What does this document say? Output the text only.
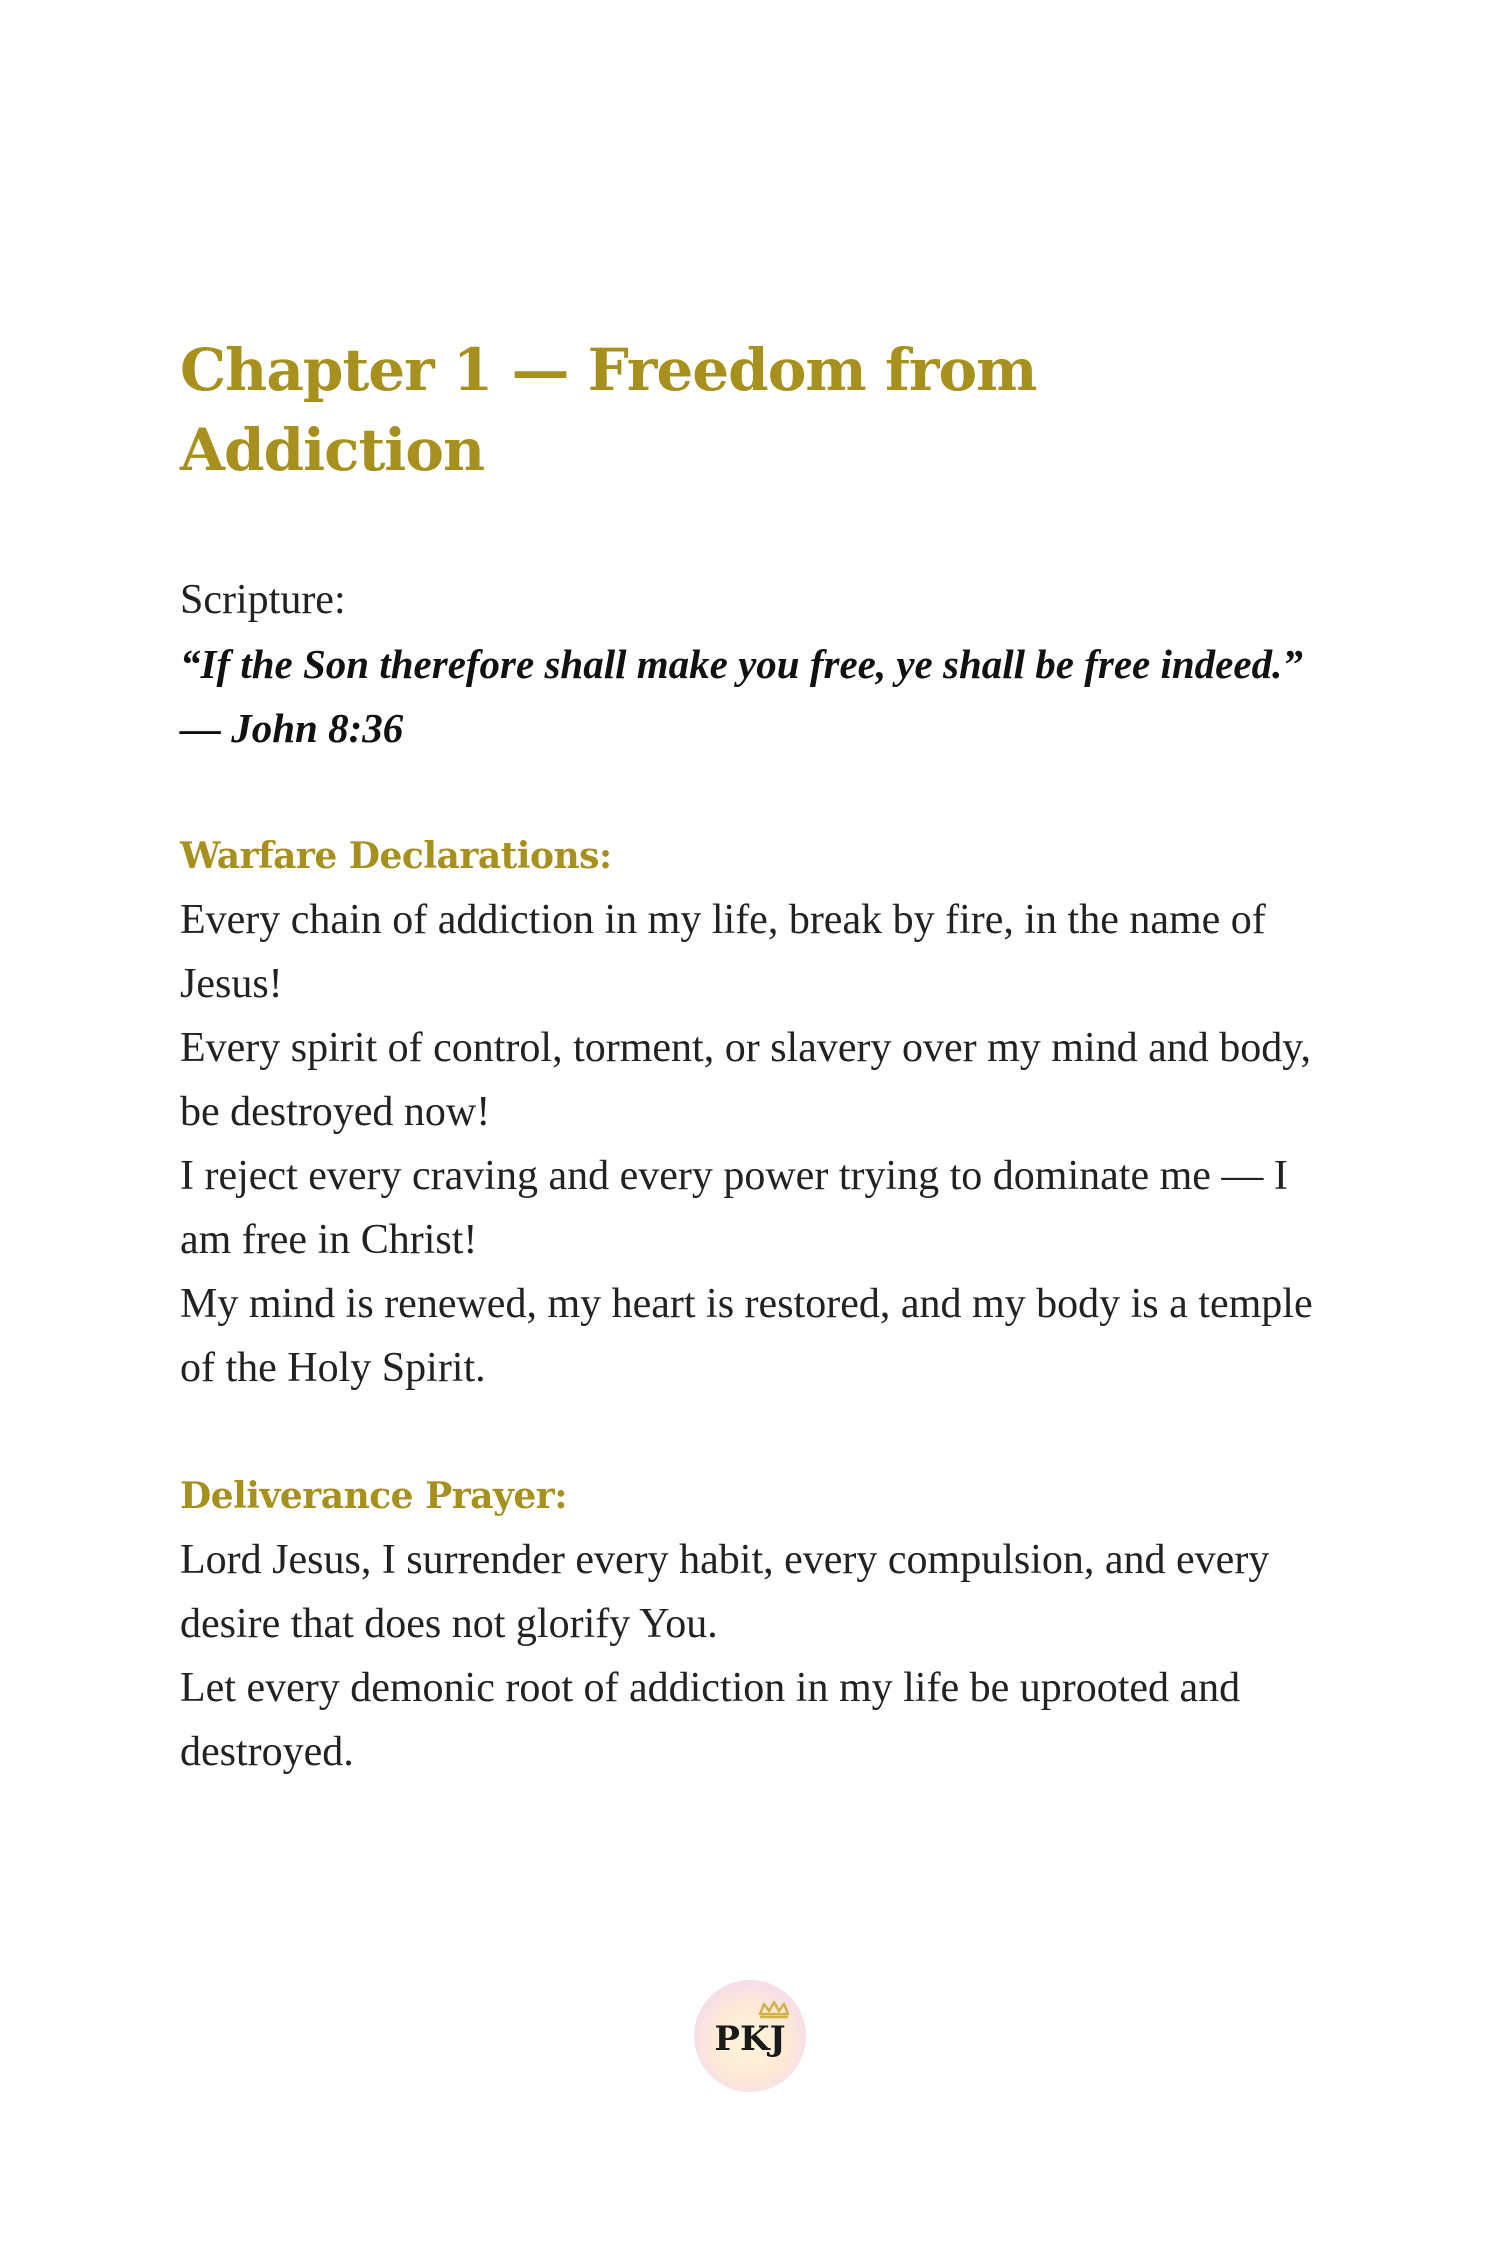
Chapter 1 — Freedom from Addiction
Scripture:
“If the Son therefore shall make you free, ye shall be free indeed.” — John 8:36
Warfare Declarations:
Every chain of addiction in my life, break by fire, in the name of Jesus!
Every spirit of control, torment, or slavery over my mind and body, be destroyed now!
I reject every craving and every power trying to dominate me — I am free in Christ!
My mind is renewed, my heart is restored, and my body is a temple of the Holy Spirit.
Deliverance Prayer:
Lord Jesus, I surrender every habit, every compulsion, and every desire that does not glorify You.
Let every demonic root of addiction in my life be uprooted and destroyed.
PKJ
